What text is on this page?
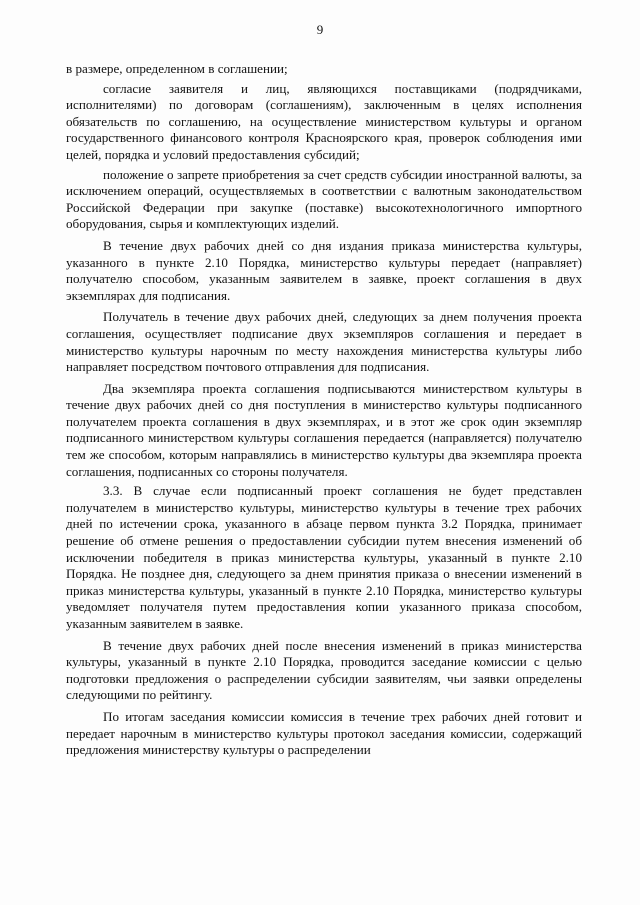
9

в размере, определенном в соглашении;

согласие заявителя и лиц, являющихся поставщиками (подрядчиками, исполнителями) по договорам (соглашениям), заключенным в целях исполнения обязательств по соглашению, на осуществление министерством культуры и органом государственного финансового контроля Красноярского края, проверок соблюдения ими целей, порядка и условий предоставления субсидий;

положение о запрете приобретения за счет средств субсидии иностранной валюты, за исключением операций, осуществляемых в соответствии с валютным законодательством Российской Федерации при закупке (поставке) высокотехнологичного импортного оборудования, сырья и комплектующих изделий.

В течение двух рабочих дней со дня издания приказа министерства культуры, указанного в пункте 2.10 Порядка, министерство культуры передает (направляет) получателю способом, указанным заявителем в заявке, проект соглашения в двух экземплярах для подписания.

Получатель в течение двух рабочих дней, следующих за днем получения проекта соглашения, осуществляет подписание двух экземпляров соглашения и передает в министерство культуры нарочным по месту нахождения министерства культуры либо направляет посредством почтового отправления для подписания.

Два экземпляра проекта соглашения подписываются министерством культуры в течение двух рабочих дней со дня поступления в министерство культуры подписанного получателем проекта соглашения в двух экземплярах, и в этот же срок один экземпляр подписанного министерством культуры соглашения передается (направляется) получателю тем же способом, которым направлялись в министерство культуры два экземпляра проекта соглашения, подписанных со стороны получателя.

3.3. В случае если подписанный проект соглашения не будет представлен получателем в министерство культуры, министерство культуры в течение трех рабочих дней по истечении срока, указанного в абзаце первом пункта 3.2 Порядка, принимает решение об отмене решения о предоставлении субсидии путем внесения изменений об исключении победителя в приказ министерства культуры, указанный в пункте 2.10 Порядка. Не позднее дня, следующего за днем принятия приказа о внесении изменений в приказ министерства культуры, указанный в пункте 2.10 Порядка, министерство культуры уведомляет получателя путем предоставления копии указанного приказа способом, указанным заявителем в заявке.

В течение двух рабочих дней после внесения изменений в приказ министерства культуры, указанный в пункте 2.10 Порядка, проводится заседание комиссии с целью подготовки предложения о распределении субсидии заявителям, чьи заявки определены следующими по рейтингу.

По итогам заседания комиссии комиссия в течение трех рабочих дней готовит и передает нарочным в министерство культуры протокол заседания комиссии, содержащий предложения министерству культуры о распределении
